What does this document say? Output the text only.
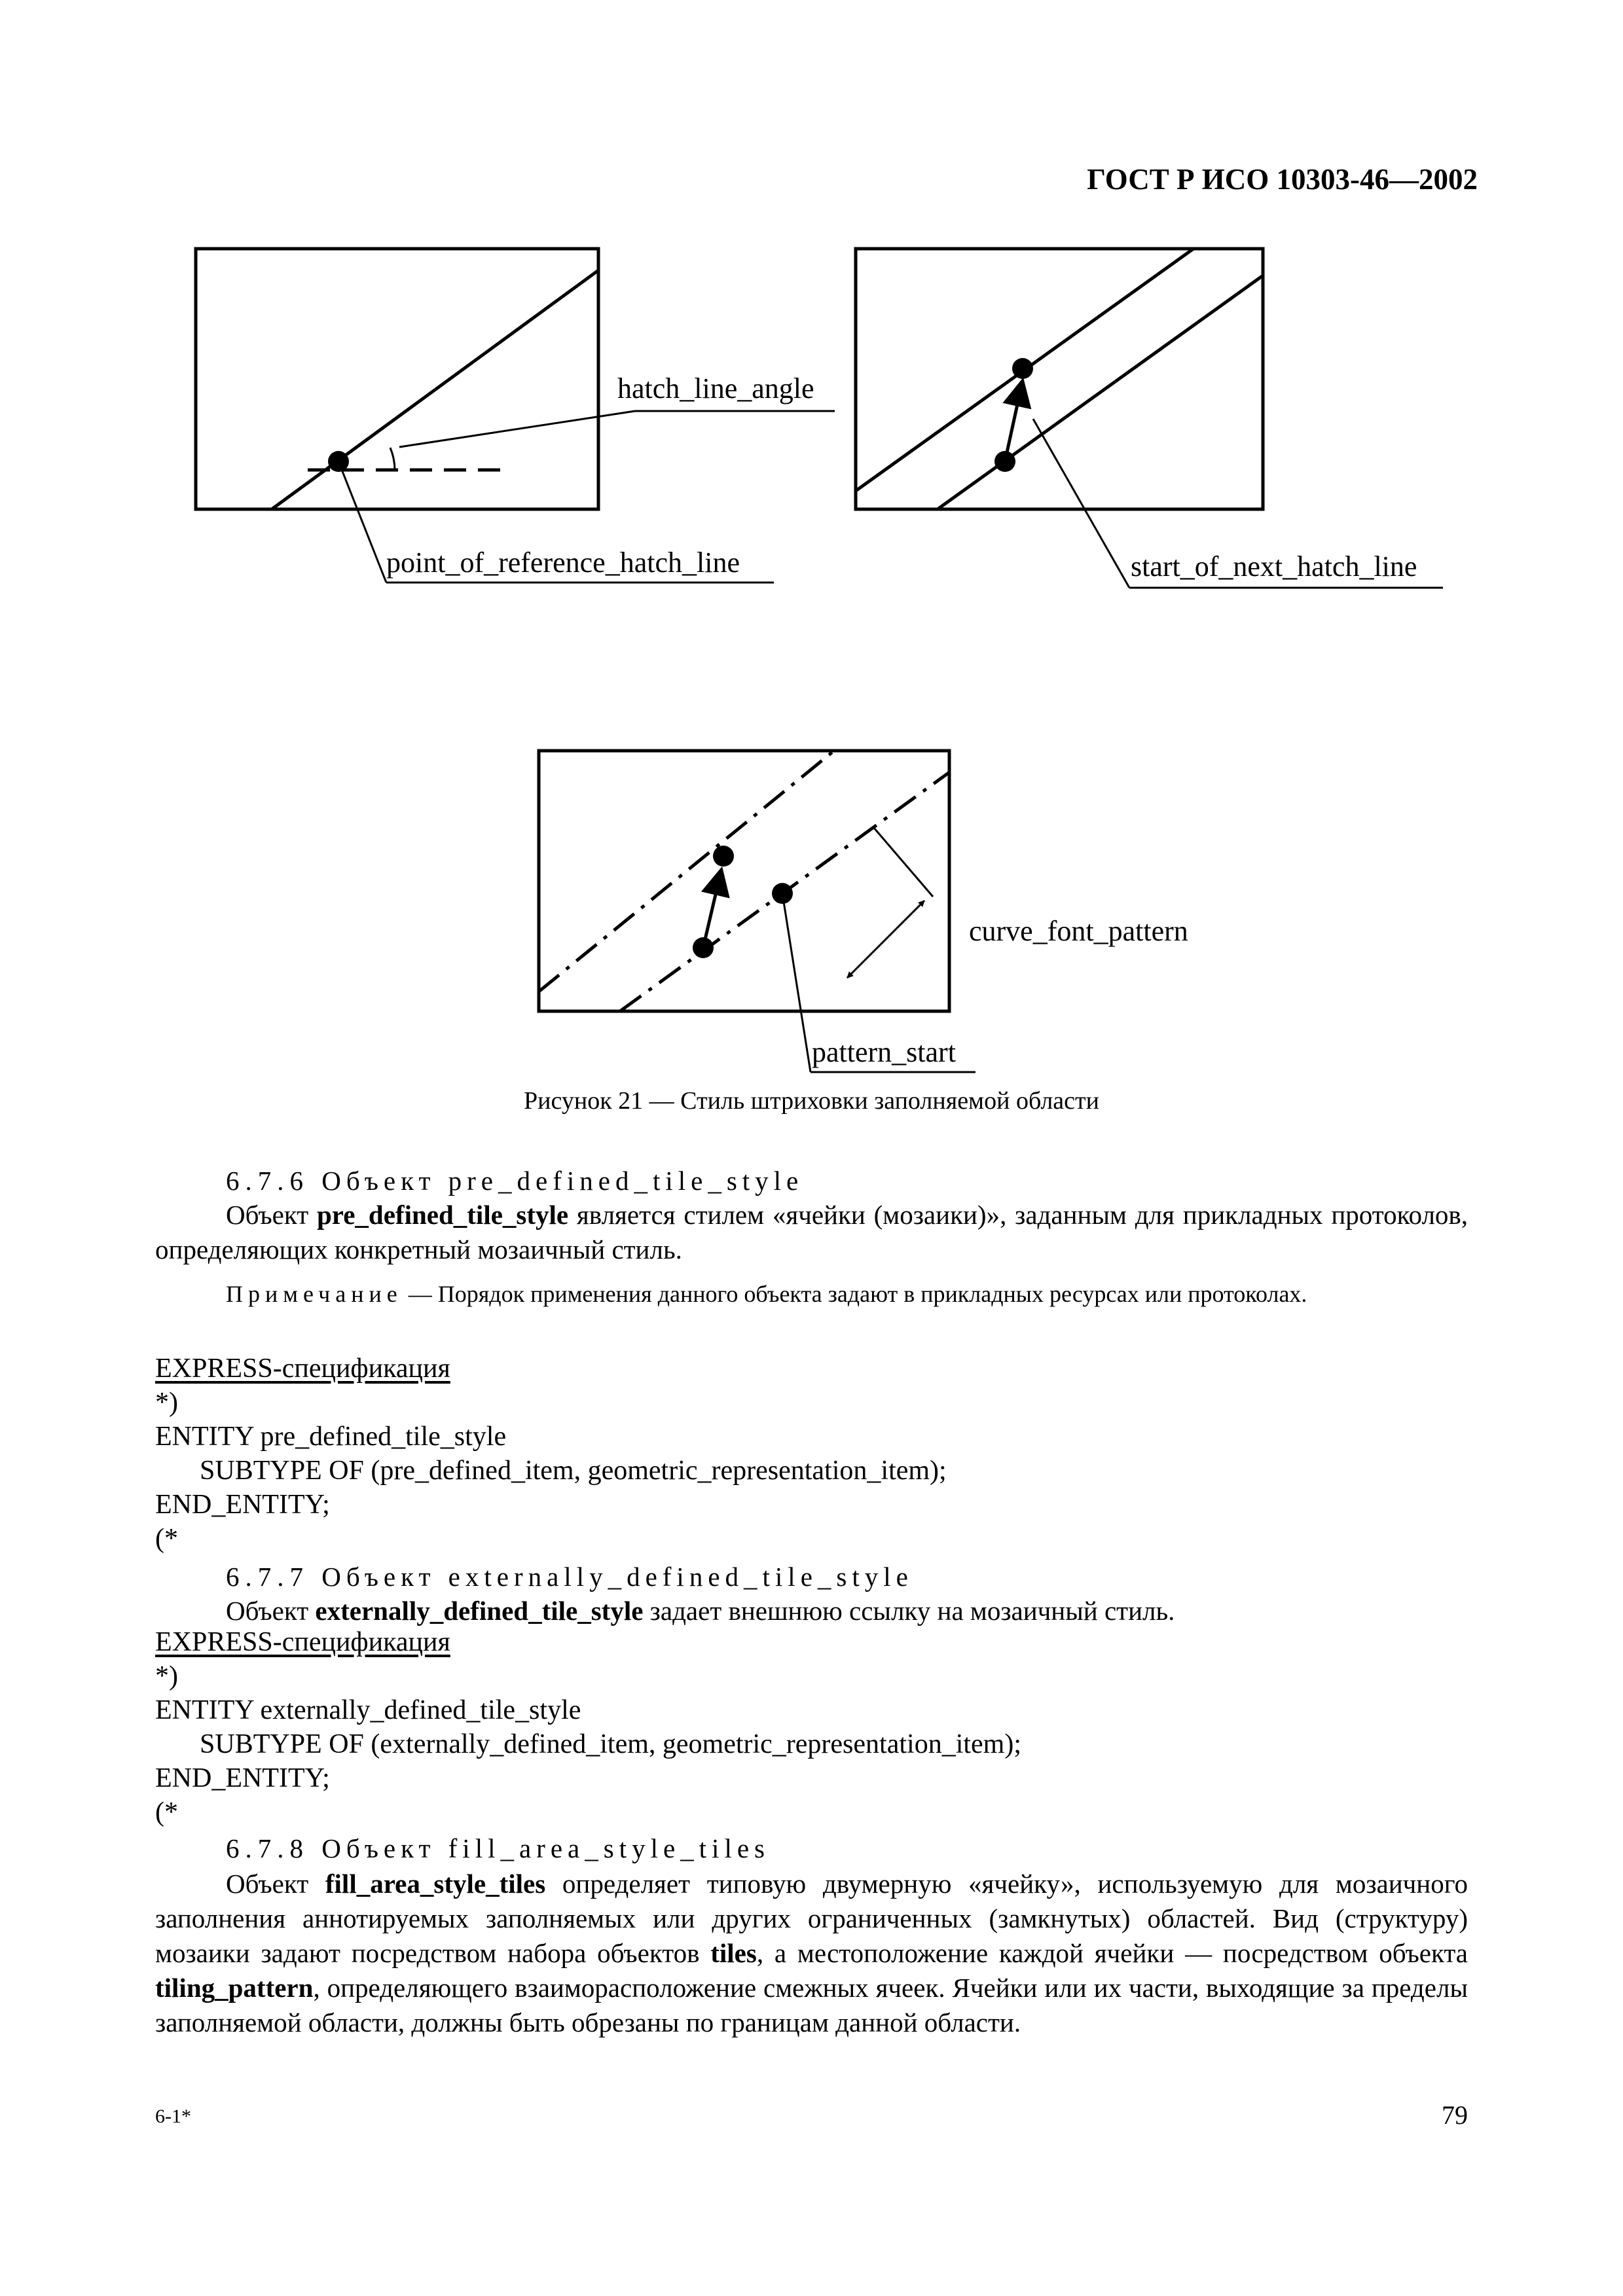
ГОСТ Р ИСО 10303-46—2002
hatch_line_angle
point_of_reference_hatch_line	start_of_next_hatch_line
curve_font_pattern
pattern_start
Рисунок 21 — Стиль штриховки заполняемой области
6.7.6 Объект pre_defined_tile_style
Объект pre_defined_tile_style является стилем «ячейки (мозаики)», заданным для прикладных протоколов, определяющих конкретный мозаичный стиль.
Примечание — Порядок применения данного объекта задают в прикладных ресурсах или протоколах.
EXPRESS-спецификация
*)
ENTITY pre_defined_tile_style
SUBTYPE OF (pre_defined_item, geometric_representation_item);
END_ENTITY;
(*
6.7.7 Объект externally_defined_tile_style
Объект externally_defined_tile_style задает внешнюю ссылку на мозаичный стиль.
EXPRESS-спецификация
*)
ENTITY externally_defined_tile_style
SUBTYPE OF (externally_defined_item, geometric_representation_item);
END_ENTITY;
(*
6.7.8 Объект fill_area_style_tiles
Объект fill_area_style_tiles определяет типовую двумерную «ячейку», используемую для мозаичного заполнения аннотируемых заполняемых или других ограниченных (замкнутых) областей. Вид (структуру) мозаики задают посредством набора объектов tiles, а местоположение каждой ячейки — посредством объекта tiling_pattern, определяющего взаиморасположение смежных ячеек. Ячейки или их части, выходящие за пределы заполняемой области, должны быть обрезаны по границам данной области.
6-1*	79
